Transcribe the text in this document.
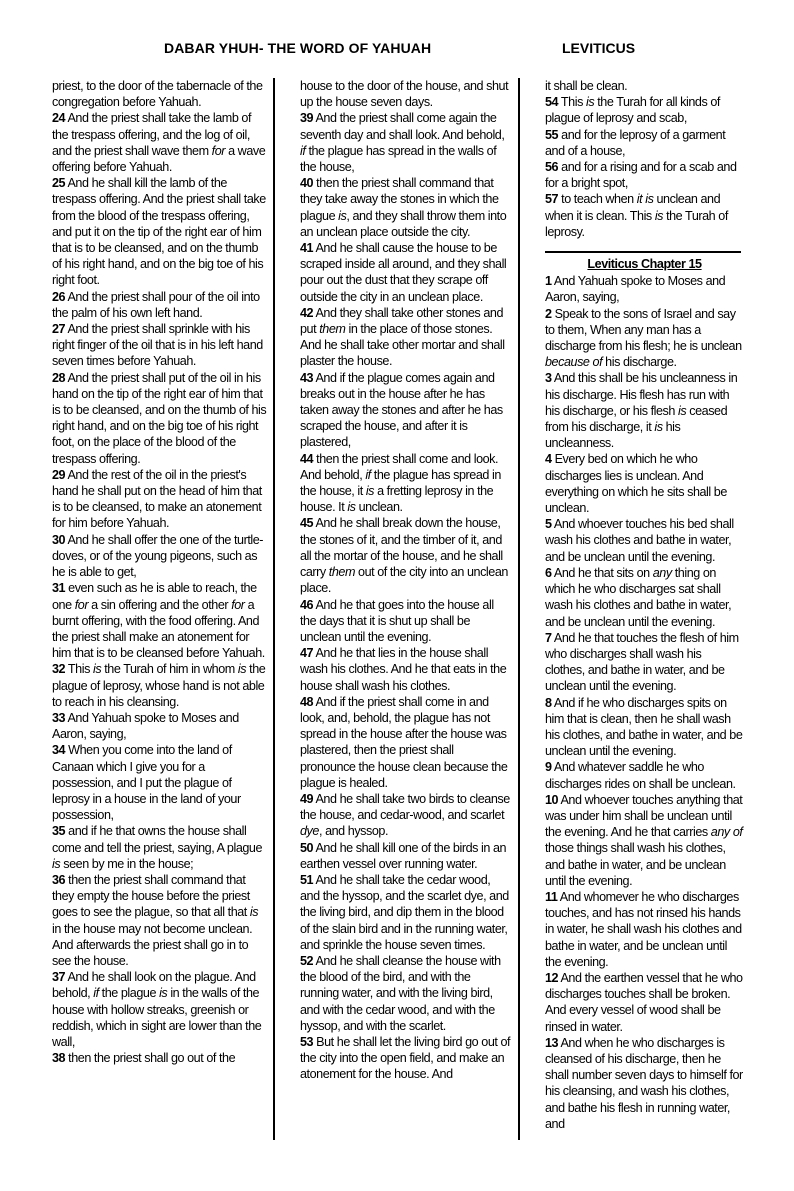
DABAR YHUH- THE WORD OF YAHUAH	LEVITICUS

priest, to the door of the tabernacle of the congregation before Yahuah.

24 And the priest shall take the lamb of the trespass offering, and the log of oil, and the priest shall wave them for a wave offering before Yahuah.

25 And he shall kill the lamb of the trespass offering. And the priest shall take from the blood of the trespass offering, and put it on the tip of the right ear of him that is to be cleansed, and on the thumb of his right hand, and on the big toe of his right foot.

26 And the priest shall pour of the oil into the palm of his own left hand.

27 And the priest shall sprinkle with his right finger of the oil that is in his left hand seven times before Yahuah.

28 And the priest shall put of the oil in his hand on the tip of the right ear of him that is to be cleansed, and on the thumb of his right hand, and on the big toe of his right foot, on the place of the blood of the trespass offering.

29 And the rest of the oil in the priest's hand he shall put on the head of him that is to be cleansed, to make an atonement for him before Yahuah.

30 And he shall offer the one of the turtle-doves, or of the young pigeons, such as he is able to get,

31 even such as he is able to reach, the one for a sin offering and the other for a burnt offering, with the food offering. And the priest shall make an atonement for him that is to be cleansed before Yahuah.

32 This is the Turah of him in whom is the plague of leprosy, whose hand is not able to reach in his cleansing.

33 And Yahuah spoke to Moses and Aaron, saying,

34 When you come into the land of Canaan which I give you for a possession, and I put the plague of leprosy in a house in the land of your possession,

35 and if he that owns the house shall come and tell the priest, saying, A plague is seen by me in the house;

36 then the priest shall command that they empty the house before the priest goes to see the plague, so that all that is in the house may not become unclean. And afterwards the priest shall go in to see the house.

37 And he shall look on the plague. And behold, if the plague is in the walls of the house with hollow streaks, greenish or reddish, which in sight are lower than the wall,

38 then the priest shall go out of the

house to the door of the house, and shut up the house seven days.

39 And the priest shall come again the seventh day and shall look. And behold, if the plague has spread in the walls of the house,

40 then the priest shall command that they take away the stones in which the plague is, and they shall throw them into an unclean place outside the city.

41 And he shall cause the house to be scraped inside all around, and they shall pour out the dust that they scrape off outside the city in an unclean place.

42 And they shall take other stones and put them in the place of those stones. And he shall take other mortar and shall plaster the house.

43 And if the plague comes again and breaks out in the house after he has taken away the stones and after he has scraped the house, and after it is plastered,

44 then the priest shall come and look. And behold, if the plague has spread in the house, it is a fretting leprosy in the house. It is unclean.

45 And he shall break down the house, the stones of it, and the timber of it, and all the mortar of the house, and he shall carry them out of the city into an unclean place.

46 And he that goes into the house all the days that it is shut up shall be unclean until the evening.

47 And he that lies in the house shall wash his clothes. And he that eats in the house shall wash his clothes.

48 And if the priest shall come in and look, and, behold, the plague has not spread in the house after the house was plastered, then the priest shall pronounce the house clean because the plague is healed.

49 And he shall take two birds to cleanse the house, and cedar-wood, and scarlet dye, and hyssop.

50 And he shall kill one of the birds in an earthen vessel over running water.

51 And he shall take the cedar wood, and the hyssop, and the scarlet dye, and the living bird, and dip them in the blood of the slain bird and in the running water, and sprinkle the house seven times.

52 And he shall cleanse the house with the blood of the bird, and with the running water, and with the living bird, and with the cedar wood, and with the hyssop, and with the scarlet.

53 But he shall let the living bird go out of the city into the open field, and make an atonement for the house. And

it shall be clean.

54 This is the Turah for all kinds of plague of leprosy and scab,

55 and for the leprosy of a garment and of a house,

56 and for a rising and for a scab and for a bright spot,

57 to teach when it is unclean and when it is clean. This is the Turah of leprosy.

Leviticus Chapter 15

1 And Yahuah spoke to Moses and Aaron, saying,

2 Speak to the sons of Israel and say to them, When any man has a discharge from his flesh; he is unclean because of his discharge.

3 And this shall be his uncleanness in his discharge. His flesh has run with his discharge, or his flesh is ceased from his discharge, it is his uncleanness.

4 Every bed on which he who discharges lies is unclean. And everything on which he sits shall be unclean.

5 And whoever touches his bed shall wash his clothes and bathe in water, and be unclean until the evening.

6 And he that sits on any thing on which he who discharges sat shall wash his clothes and bathe in water, and be unclean until the evening.

7 And he that touches the flesh of him who discharges shall wash his clothes, and bathe in water, and be unclean until the evening.

8 And if he who discharges spits on him that is clean, then he shall wash his clothes, and bathe in water, and be unclean until the evening.

9 And whatever saddle he who discharges rides on shall be unclean.

10 And whoever touches anything that was under him shall be unclean until the evening. And he that carries any of those things shall wash his clothes, and bathe in water, and be unclean until the evening.

11 And whomever he who discharges touches, and has not rinsed his hands in water, he shall wash his clothes and bathe in water, and be unclean until the evening.

12 And the earthen vessel that he who discharges touches shall be broken. And every vessel of wood shall be rinsed in water.

13 And when he who discharges is cleansed of his discharge, then he shall number seven days to himself for his cleansing, and wash his clothes, and bathe his flesh in running water, and
